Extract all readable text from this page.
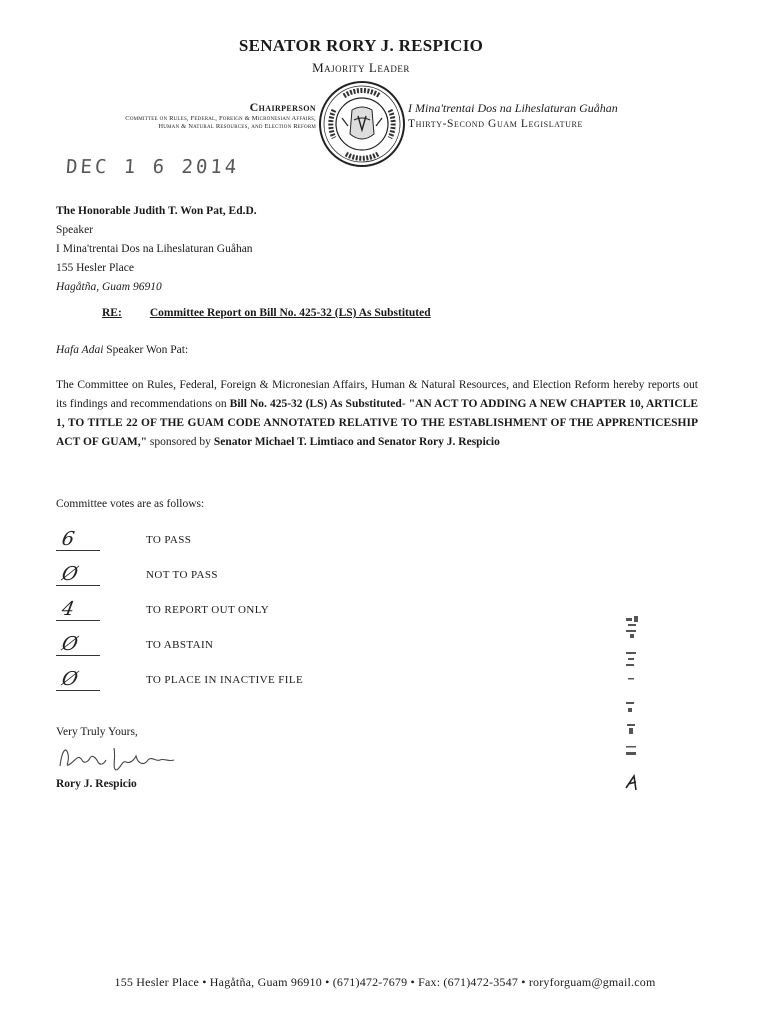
SENATOR RORY J. RESPICIO
Majority Leader
Chairperson
Committee on Rules, Federal, Foreign & Micronesian Affairs,
Human & Natural Resources, and Election Reform
I Mina'trentai Dos na Liheslaturan Guåhan
Thirty-Second Guam Legislature
DEC 1 6 2014
The Honorable Judith T. Won Pat, Ed.D.
Speaker
I Mina'trentai Dos na Liheslaturan Guåhan
155 Hesler Place
Hagåtña, Guam 96910
RE: Committee Report on Bill No. 425-32 (LS) As Substituted
Hafa Adai Speaker Won Pat:
The Committee on Rules, Federal, Foreign & Micronesian Affairs, Human & Natural Resources, and Election Reform hereby reports out its findings and recommendations on Bill No. 425-32 (LS) As Substituted- "AN ACT TO ADDING A NEW CHAPTER 10, ARTICLE 1, TO TITLE 22 OF THE GUAM CODE ANNOTATED RELATIVE TO THE ESTABLISHMENT OF THE APPRENTICESHIP ACT OF GUAM," sponsored by Senator Michael T. Limtiaco and Senator Rory J. Respicio
Committee votes are as follows:
6	TO PASS
Ø	NOT TO PASS
4	TO REPORT OUT ONLY
Ø	TO ABSTAIN
Ø	TO PLACE IN INACTIVE FILE
Very Truly Yours,
Rory J. Respicio
155 Hesler Place • Hagåtña, Guam 96910 • (671)472-7679 • Fax: (671)472-3547 • roryforguam@gmail.com
